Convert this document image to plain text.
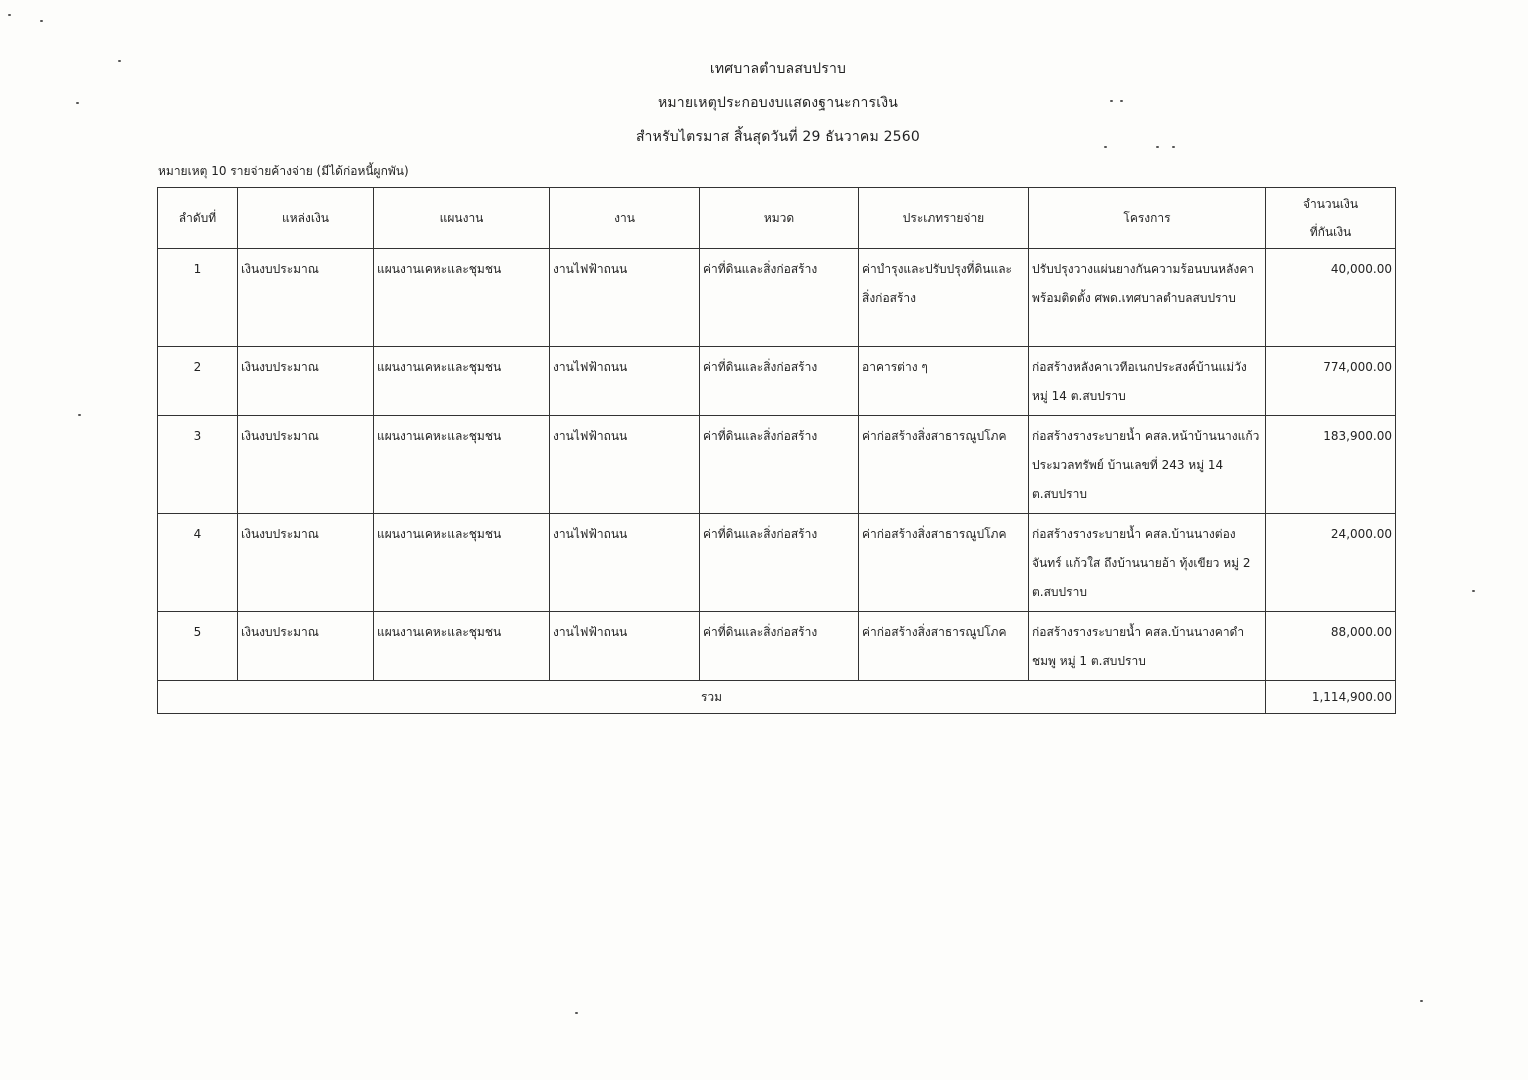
เทศบาลตำบลสบปราบ
หมายเหตุประกอบงบแสดงฐานะการเงิน
สำหรับไตรมาส สิ้นสุดวันที่ 29 ธันวาคม 2560
หมายเหตุ 10 รายจ่ายค้างจ่าย (มีได้ก่อหนี้ผูกพัน)
ลำดับที่	แหล่งเงิน	แผนงาน	งาน	หมวด	ประเภทรายจ่าย	โครงการ	จำนวนเงิน
ที่กันเงิน

1	เงินงบประมาณ	แผนงานเคหะและชุมชน	งานไฟฟ้าถนน	ค่าที่ดินและสิ่งก่อสร้าง	ค่าบำรุงและปรับปรุงที่ดินและสิ่งก่อสร้าง	ปรับปรุงวางแผ่นยางกันความร้อนบนหลังคาพร้อมติดตั้ง ศพด.เทศบาลตำบลสบปราบ	40,000.00
2	เงินงบประมาณ	แผนงานเคหะและชุมชน	งานไฟฟ้าถนน	ค่าที่ดินและสิ่งก่อสร้าง	อาคารต่าง ๆ	ก่อสร้างหลังคาเวทีอเนกประสงค์บ้านแม่วัง หมู่ 14 ต.สบปราบ	774,000.00
3	เงินงบประมาณ	แผนงานเคหะและชุมชน	งานไฟฟ้าถนน	ค่าที่ดินและสิ่งก่อสร้าง	ค่าก่อสร้างสิ่งสาธารณูปโภค	ก่อสร้างรางระบายน้ำ คสล.หน้าบ้านนางแก้ว ประมวลทรัพย์ บ้านเลขที่ 243 หมู่ 14 ต.สบปราบ	183,900.00
4	เงินงบประมาณ	แผนงานเคหะและชุมชน	งานไฟฟ้าถนน	ค่าที่ดินและสิ่งก่อสร้าง	ค่าก่อสร้างสิ่งสาธารณูปโภค	ก่อสร้างรางระบายน้ำ คสล.บ้านนางต่องจันทร์ แก้วใส ถึงบ้านนายอ้า ทุ้งเขียว หมู่ 2 ต.สบปราบ	24,000.00
5	เงินงบประมาณ	แผนงานเคหะและชุมชน	งานไฟฟ้าถนน	ค่าที่ดินและสิ่งก่อสร้าง	ค่าก่อสร้างสิ่งสาธารณูปโภค	ก่อสร้างรางระบายน้ำ คสล.บ้านนางคาดำ ชมพู หมู่ 1 ต.สบปราบ	88,000.00
รวม							1,114,900.00
